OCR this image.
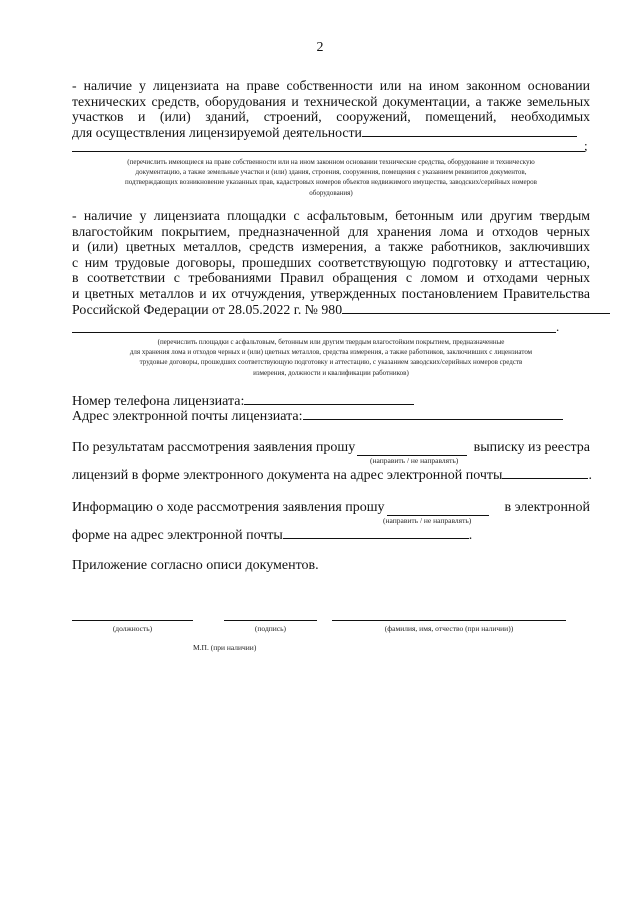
2
- наличие у лицензиата на праве собственности или на ином законном основании
технических средств, оборудования и технической документации, а также земельных
участков и (или) зданий, строений, сооружений, помещений, необходимых
для осуществления лицензируемой деятельности
;
(перечислить имеющиеся на праве собственности или на ином законном основании технические средства, оборудование и техническую
документацию, а также земельные участки и (или) здания, строения, сооружения, помещения с указанием реквизитов документов,
подтверждающих возникновение указанных прав, кадастровых номеров объектов недвижимого имущества, заводских/серийных номеров
оборудования)
- наличие у лицензиата площадки с асфальтовым, бетонным или другим твердым
влагостойким покрытием, предназначенной для хранения лома и отходов черных
и (или) цветных металлов, средств измерения, а также работников, заключивших
с ним трудовые договоры, прошедших соответствующую подготовку и аттестацию,
в соответствии с требованиями Правил обращения с ломом и отходами черных
и цветных металлов и их отчуждения, утвержденных постановлением Правительства
Российской Федерации от 28.05.2022 г. № 980
.
(перечислить площадки с асфальтовым, бетонным или другим твердым влагостойким покрытием, предназначенные
для хранения лома и отходов черных и (или) цветных металлов, средства измерения, а также работников, заключивших с лицензиатом
трудовые договоры, прошедших соответствующую подготовку и аттестацию, с указанием заводских/серийных номеров средств
измерения, должности и квалификации работников)
Номер телефона лицензиата:
Адрес электронной почты лицензиата:
По результатам рассмотрения заявления прошу	выписку из реестра
(направить / не направлять)
лицензий в форме электронного документа на адрес электронной почты	.
Информацию о ходе рассмотрения заявления прошу	в электронной
(направить / не направлять)
форме на адрес электронной почты	.
Приложение согласно описи документов.
(должность)	(подпись)	(фамилия, имя, отчество (при наличии))
М.П. (при наличии)
